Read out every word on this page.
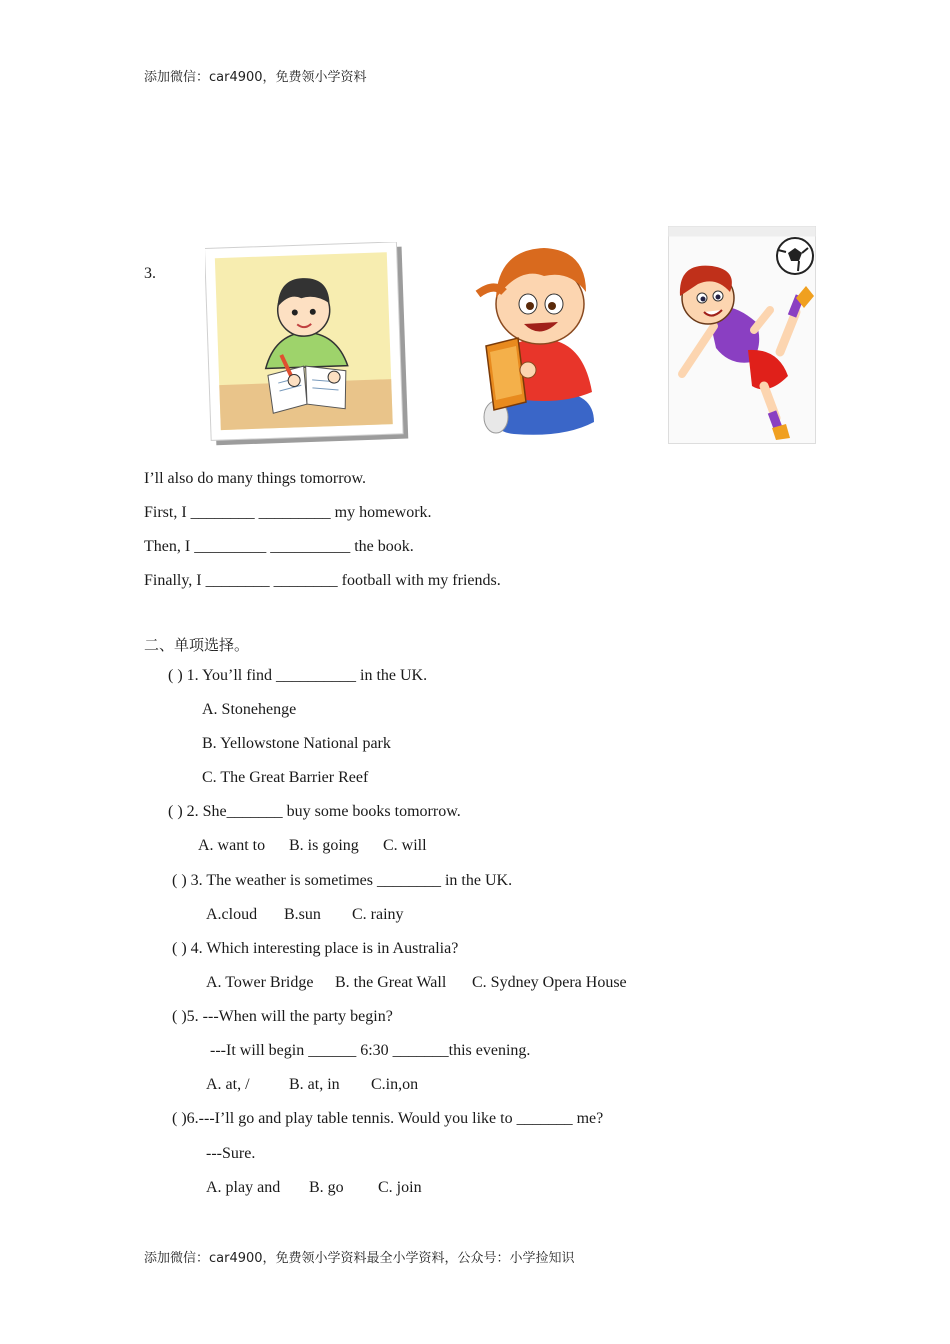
添加微信：car4900，免费领小学资料
3.
I’ll also do many things tomorrow.
First, I ________ _________ my homework.
Then, I _________ __________ the book.
Finally, I ________ ________ football with my friends.
二、单项选择。
( ) 1. You’ll find __________ in the UK.
A. Stonehenge
B. Yellowstone National park
C. The Great Barrier Reef
( ) 2. She_______ buy some books tomorrow.
A. want to B. is going C. will
( ) 3. The weather is sometimes ________ in the UK.
A.cloud B.sun C. rainy
( ) 4. Which interesting place is in Australia?
A. Tower Bridge B. the Great Wall C. Sydney Opera House
( )5. ---When will the party begin?
---It will begin ______ 6:30 _______this evening.
A. at, / B. at, in C.in,on
( )6.---I’ll go and play table tennis. Would you like to _______ me?
---Sure.
A. play and B. go C. join
添加微信：car4900，免费领小学资料最全小学资料，公众号：小学捡知识
